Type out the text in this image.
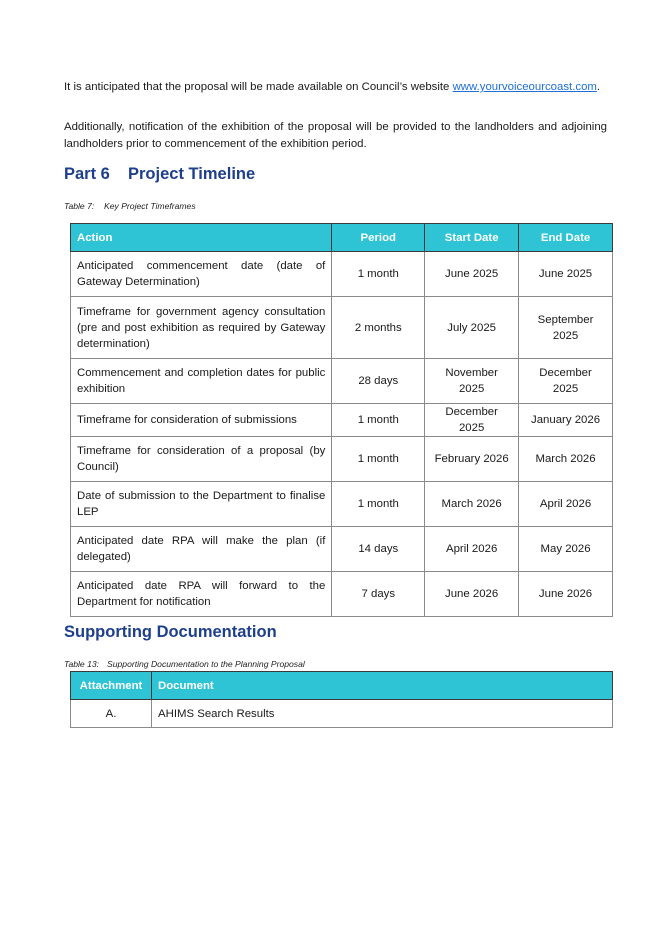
It is anticipated that the proposal will be made available on Council’s website www.yourvoiceourcoast.com.

Additionally, notification of the exhibition of the proposal will be provided to the landholders and adjoining landholders prior to commencement of the exhibition period.

Part 6 Project Timeline
Table 7: Key Project Timeframes
Action	Period	Start Date	End Date
Anticipated commencement date (date of Gateway Determination)	1 month	June 2025	June 2025
Timeframe for government agency consultation (pre and post exhibition as required by Gateway determination)	2 months	July 2025	September 2025
Commencement and completion dates for public exhibition	28 days	November 2025	December 2025
Timeframe for consideration of submissions	1 month	December 2025	January 2026
Timeframe for consideration of a proposal (by Council)	1 month	February 2026	March 2026
Date of submission to the Department to finalise LEP	1 month	March 2026	April 2026
Anticipated date RPA will make the plan (if delegated)	14 days	April 2026	May 2026
Anticipated date RPA will forward to the Department for notification	7 days	June 2026	June 2026
Supporting Documentation
Table 13: Supporting Documentation to the Planning Proposal
Attachment	Document
A.	AHIMS Search Results
